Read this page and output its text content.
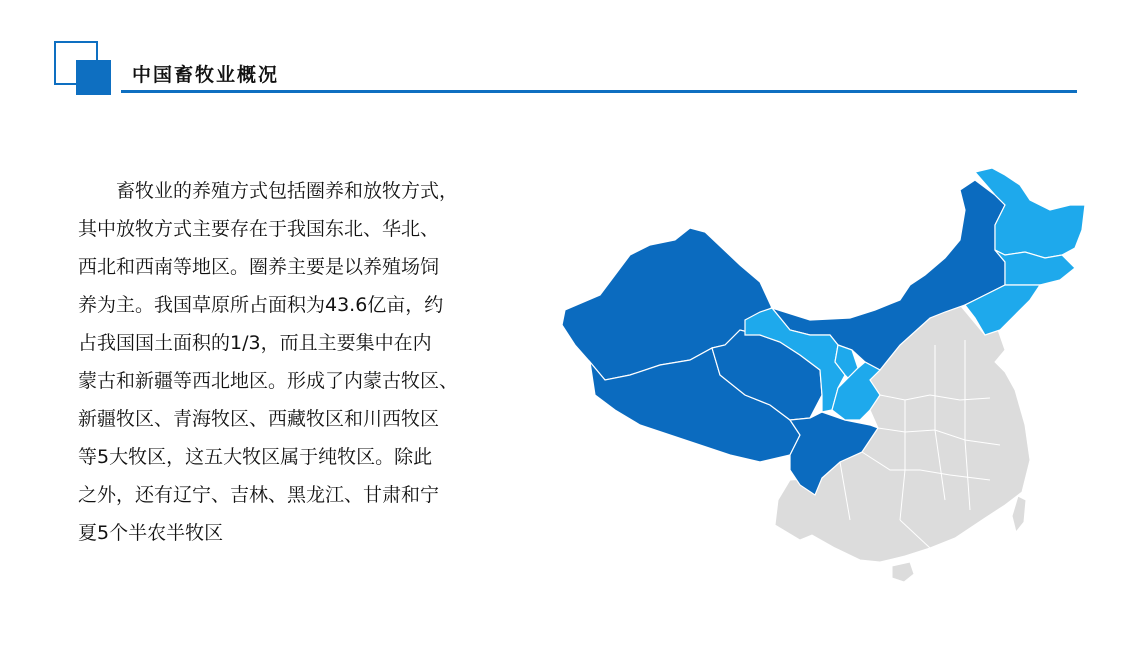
中国畜牧业概况
　　畜牧业的养殖方式包括圈养和放牧方式，
其中放牧方式主要存在于我国东北、华北、
西北和西南等地区。圈养主要是以养殖场饲
养为主。我国草原所占面积为43.6亿亩，约
占我国国土面积的1/3，而且主要集中在内
蒙古和新疆等西北地区。形成了内蒙古牧区、
新疆牧区、青海牧区、西藏牧区和川西牧区
等5大牧区，这五大牧区属于纯牧区。除此
之外，还有辽宁、吉林、黑龙江、甘肃和宁
夏5个半农半牧区
